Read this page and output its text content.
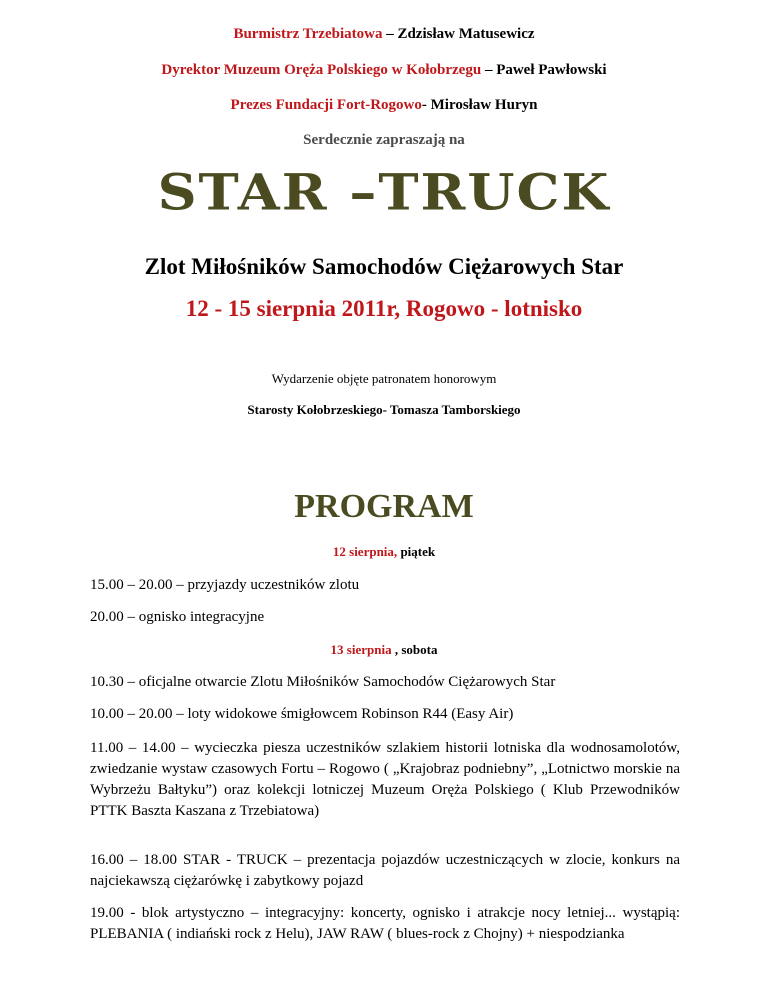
Burmistrz Trzebiatowa – Zdzisław Matusewicz
Dyrektor Muzeum Oręża Polskiego w Kołobrzegu – Paweł Pawłowski
Prezes Fundacji Fort-Rogowo- Mirosław Huryn
Serdecznie zapraszają na
STAR –TRUCK
Zlot Miłośników Samochodów Ciężarowych Star
12 - 15 sierpnia 2011r, Rogowo - lotnisko
Wydarzenie objęte patronatem honorowym
Starosty Kołobrzeskiego- Tomasza Tamborskiego
PROGRAM
12 sierpnia, piątek
15.00 – 20.00 – przyjazdy uczestników zlotu
20.00 – ognisko integracyjne
13 sierpnia , sobota
10.30 – oficjalne otwarcie Zlotu Miłośników Samochodów Ciężarowych Star
10.00 – 20.00 – loty widokowe śmigłowcem Robinson R44 (Easy Air)
11.00 – 14.00 – wycieczka piesza uczestników szlakiem historii lotniska dla wodnosamolotów, zwiedzanie wystaw czasowych Fortu – Rogowo ( „Krajobraz podniebny”, „Lotnictwo morskie na Wybrzeżu Bałtyku”) oraz kolekcji lotniczej Muzeum Oręża Polskiego ( Klub Przewodników PTTK Baszta Kaszana z Trzebiatowa)
16.00 – 18.00 STAR - TRUCK – prezentacja pojazdów uczestniczących w zlocie, konkurs na najciekawszą ciężarówkę i zabytkowy pojazd
19.00 - blok artystyczno – integracyjny: koncerty, ognisko i atrakcje nocy letniej... wystąpią: PLEBANIA ( indiański rock z Helu), JAW RAW ( blues-rock z Chojny) + niespodzianka
